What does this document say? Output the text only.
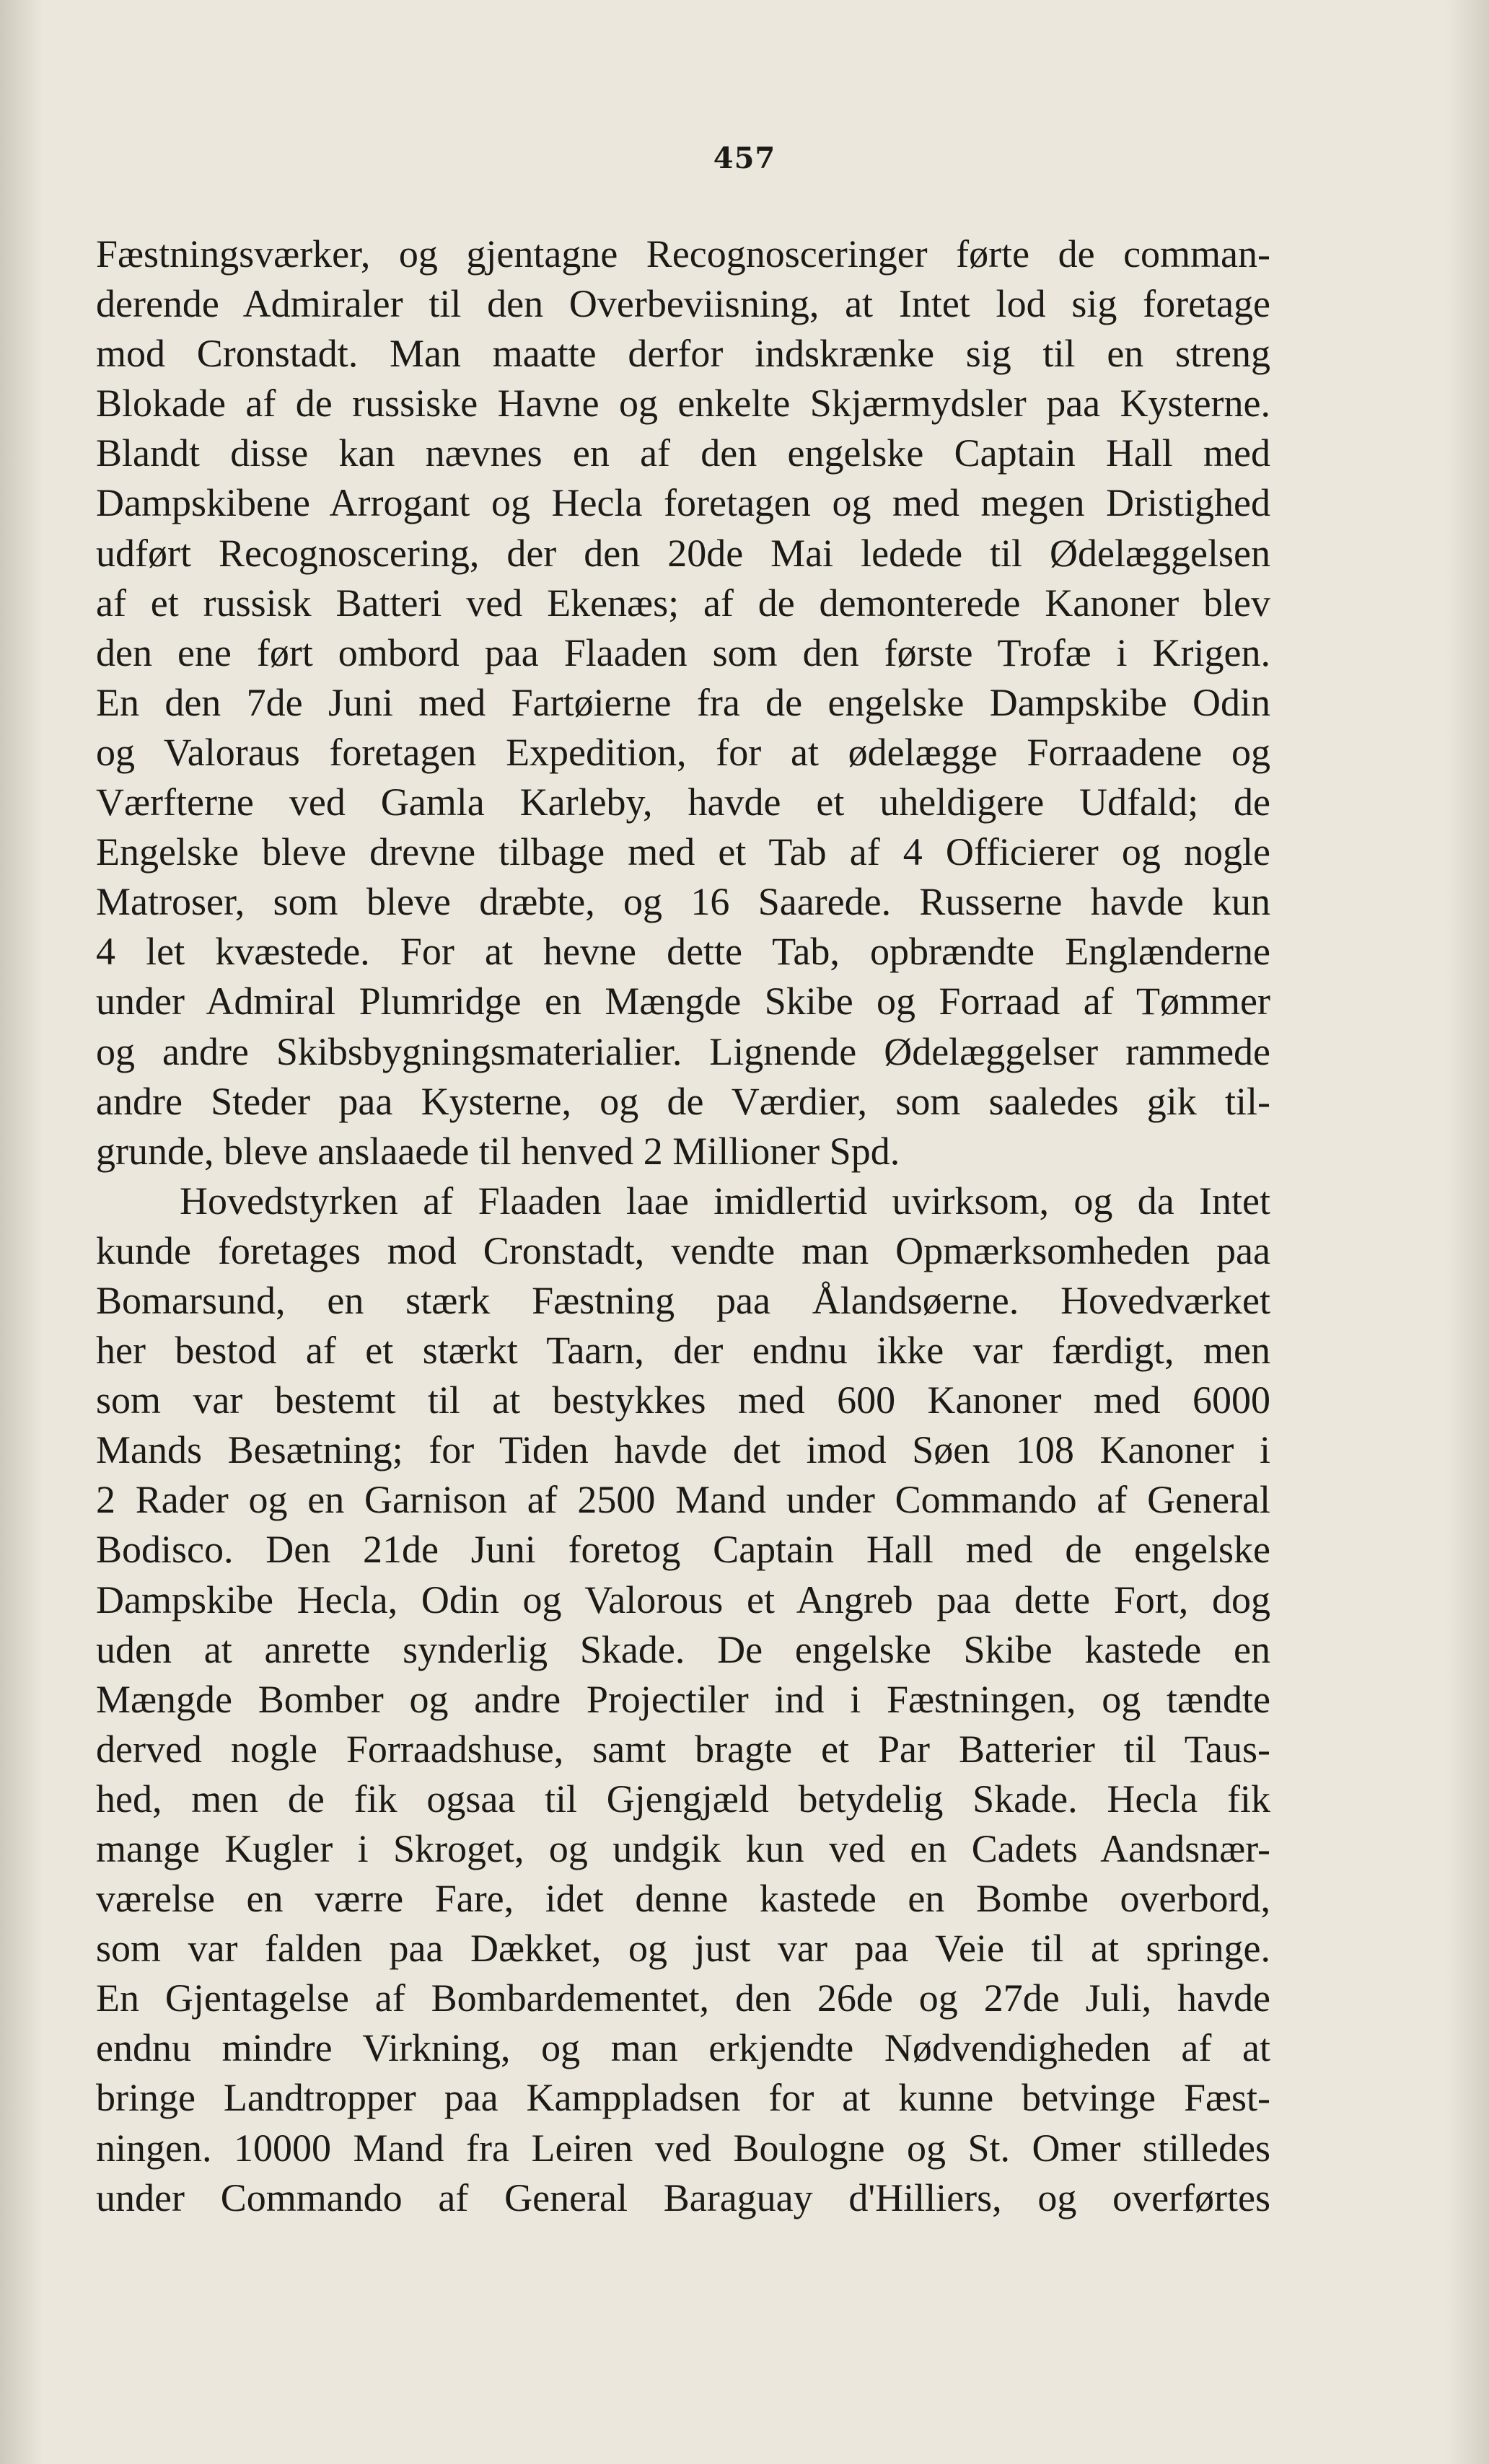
457
Fæstningsværker, og gjentagne Recognosceringer førte de comman-
derende Admiraler til den Overbeviisning, at Intet lod sig foretage
mod Cronstadt. Man maatte derfor indskrænke sig til en streng
Blokade af de russiske Havne og enkelte Skjærmydsler paa Kysterne.
Blandt disse kan nævnes en af den engelske Captain Hall med
Dampskibene Arrogant og Hecla foretagen og med megen Dristighed
udført Recognoscering, der den 20de Mai ledede til Ødelæggelsen
af et russisk Batteri ved Ekenæs; af de demonterede Kanoner blev
den ene ført ombord paa Flaaden som den første Trofæ i Krigen.
En den 7de Juni med Fartøierne fra de engelske Dampskibe Odin
og Valoraus foretagen Expedition, for at ødelægge Forraadene og
Værfterne ved Gamla Karleby, havde et uheldigere Udfald; de
Engelske bleve drevne tilbage med et Tab af 4 Officierer og nogle
Matroser, som bleve dræbte, og 16 Saarede. Russerne havde kun
4 let kvæstede. For at hevne dette Tab, opbrændte Englænderne
under Admiral Plumridge en Mængde Skibe og Forraad af Tømmer
og andre Skibsbygningsmaterialier. Lignende Ødelæggelser rammede
andre Steder paa Kysterne, og de Værdier, som saaledes gik til-
grunde, bleve anslaaede til henved 2 Millioner Spd.
Hovedstyrken af Flaaden laae imidlertid uvirksom, og da Intet
kunde foretages mod Cronstadt, vendte man Opmærksomheden paa
Bomarsund, en stærk Fæstning paa Ålandsøerne. Hovedværket
her bestod af et stærkt Taarn, der endnu ikke var færdigt, men
som var bestemt til at bestykkes med 600 Kanoner med 6000
Mands Besætning; for Tiden havde det imod Søen 108 Kanoner i
2 Rader og en Garnison af 2500 Mand under Commando af General
Bodisco. Den 21de Juni foretog Captain Hall med de engelske
Dampskibe Hecla, Odin og Valorous et Angreb paa dette Fort, dog
uden at anrette synderlig Skade. De engelske Skibe kastede en
Mængde Bomber og andre Projectiler ind i Fæstningen, og tændte
derved nogle Forraadshuse, samt bragte et Par Batterier til Taus-
hed, men de fik ogsaa til Gjengjæld betydelig Skade. Hecla fik
mange Kugler i Skroget, og undgik kun ved en Cadets Aandsnær-
værelse en værre Fare, idet denne kastede en Bombe overbord,
som var falden paa Dækket, og just var paa Veie til at springe.
En Gjentagelse af Bombardementet, den 26de og 27de Juli, havde
endnu mindre Virkning, og man erkjendte Nødvendigheden af at
bringe Landtropper paa Kamppladsen for at kunne betvinge Fæst-
ningen. 10000 Mand fra Leiren ved Boulogne og St. Omer stilledes
under Commando af General Baraguay d'Hilliers, og overførtes
